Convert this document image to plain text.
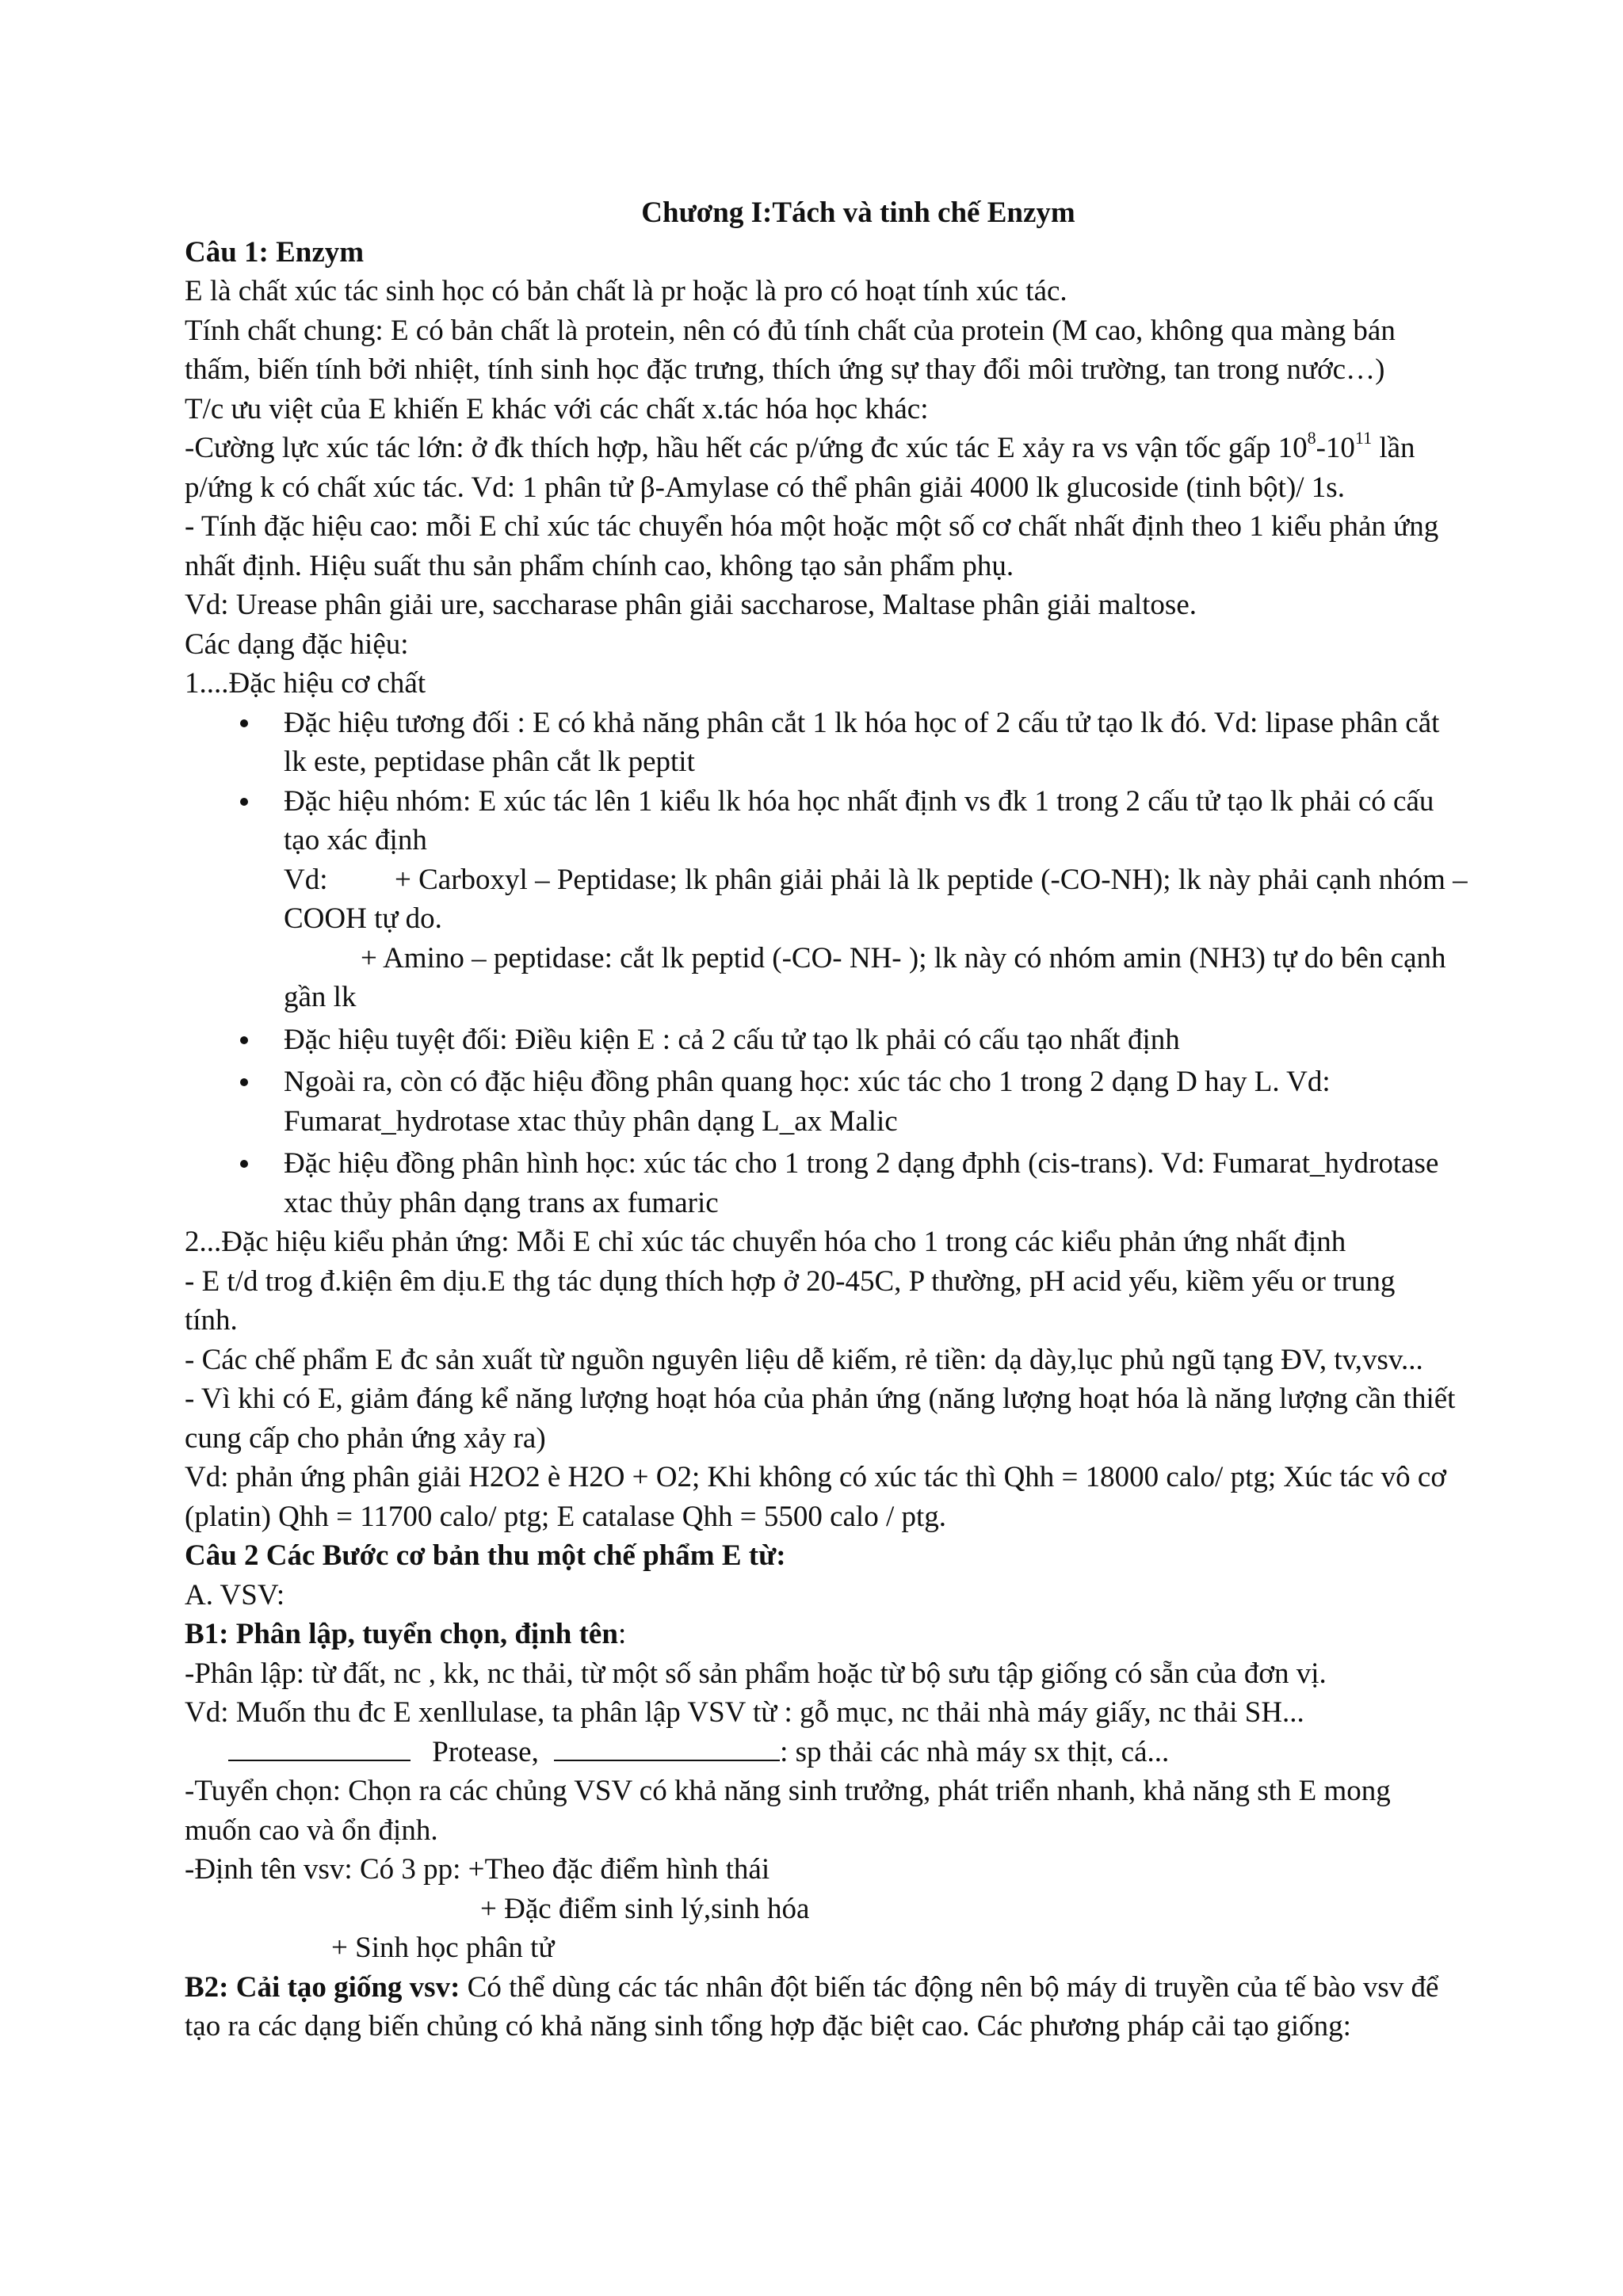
Chương I:Tách và tinh chế Enzym

Câu 1: Enzym

E là chất xúc tác sinh học có bản chất là pr hoặc là pro có hoạt tính xúc tác.

Tính chất chung: E có bản chất là protein, nên có đủ tính chất của protein (M cao, không qua màng bán

thấm, biến tính bởi nhiệt, tính sinh học đặc trưng, thích ứng sự thay đổi môi trường, tan trong nước…)

T/c ưu việt của E khiến E khác với các chất x.tác hóa học khác:

-Cường lực xúc tác lớn: ở đk thích hợp, hầu hết các p/ứng đc xúc tác E xảy ra vs vận tốc gấp $10^8-10^{11}$ lần

p/ứng k có chất xúc tác. Vd: 1 phân tử β-Amylase có thể phân giải 4000 lk glucoside (tinh bột)/ 1s.

- Tính đặc hiệu cao: mỗi E chỉ xúc tác chuyển hóa một hoặc một số cơ chất nhất định theo 1 kiểu phản ứng

nhất định. Hiệu suất thu sản phẩm chính cao, không tạo sản phẩm phụ.

Vd: Urease phân giải ure, saccharase phân giải saccharose, Maltase phân giải maltose.

Các dạng đặc hiệu:

1....Đặc hiệu cơ chất

Đặc hiệu tương đối : E có khả năng phân cắt 1 lk hóa học of 2 cấu tử tạo lk đó. Vd: lipase phân cắt
lk este, peptidase phân cắt lk peptit
Đặc hiệu nhóm: E xúc tác lên 1 kiểu lk hóa học nhất định vs đk 1 trong 2 cấu tử tạo lk phải có cấu
tạo xác định
Vd:	+ Carboxyl – Peptidase; lk phân giải phải là lk peptide (-CO-NH); lk này phải cạnh nhóm –
COOH tự do.
+ Amino – peptidase: cắt lk peptid (-CO- NH- ); lk này có nhóm amin (NH3) tự do bên cạnh
gần lk
Đặc hiệu tuyệt đối: Điều kiện E : cả 2 cấu tử tạo lk phải có cấu tạo nhất định
Ngoài ra, còn có đặc hiệu đồng phân quang học: xúc tác cho 1 trong 2 dạng D hay L. Vd:
Fumarat_hydrotase xtac thủy phân dạng L_ax Malic
Đặc hiệu đồng phân hình học: xúc tác cho 1 trong 2 dạng đphh (cis-trans). Vd: Fumarat_hydrotase
xtac thủy phân dạng trans ax fumaric

2...Đặc hiệu kiểu phản ứng: Mỗi E chỉ xúc tác chuyển hóa cho 1 trong các kiểu phản ứng nhất định

- E t/d trog đ.kiện êm dịu.E thg tác dụng thích hợp ở 20-45C, P thường, pH acid yếu, kiềm yếu or trung

tính.

- Các chế phẩm E đc sản xuất từ nguồn nguyên liệu dễ kiếm, rẻ tiền: dạ dày,lục phủ ngũ tạng ĐV, tv,vsv...

- Vì khi có E, giảm đáng kể năng lượng hoạt hóa của phản ứng (năng lượng hoạt hóa là năng lượng cần thiết

cung cấp cho phản ứng xảy ra)

Vd: phản ứng phân giải H2O2 è H2O + O2; Khi không có xúc tác thì Qhh = 18000 calo/ ptg; Xúc tác vô cơ

(platin) Qhh = 11700 calo/ ptg; E catalase Qhh = 5500 calo / ptg.

Câu 2 Các Bước cơ bản thu một chế phẩm E từ:

A. VSV:

B1: Phân lập, tuyển chọn, định tên:

-Phân lập: từ đất, nc , kk, nc thải, từ một số sản phẩm hoặc từ bộ sưu tập giống có sẵn của đơn vị.

Vd: Muốn thu đc E xenllulase, ta phân lập VSV từ : gỗ mục, nc thải nhà máy giấy, nc thải SH...

Protease,	: sp thải các nhà máy sx thịt, cá...

-Tuyển chọn: Chọn ra các chủng VSV có khả năng sinh trưởng, phát triển nhanh, khả năng sth E mong

muốn cao và ổn định.

-Định tên vsv: Có 3 pp: +Theo đặc điểm hình thái

+ Đặc điểm sinh lý,sinh hóa

+ Sinh học phân tử

B2: Cải tạo giống vsv: Có thể dùng các tác nhân đột biến tác động nên bộ máy di truyền của tế bào vsv để

tạo ra các dạng biến chủng có khả năng sinh tổng hợp đặc biệt cao. Các phương pháp cải tạo giống:
